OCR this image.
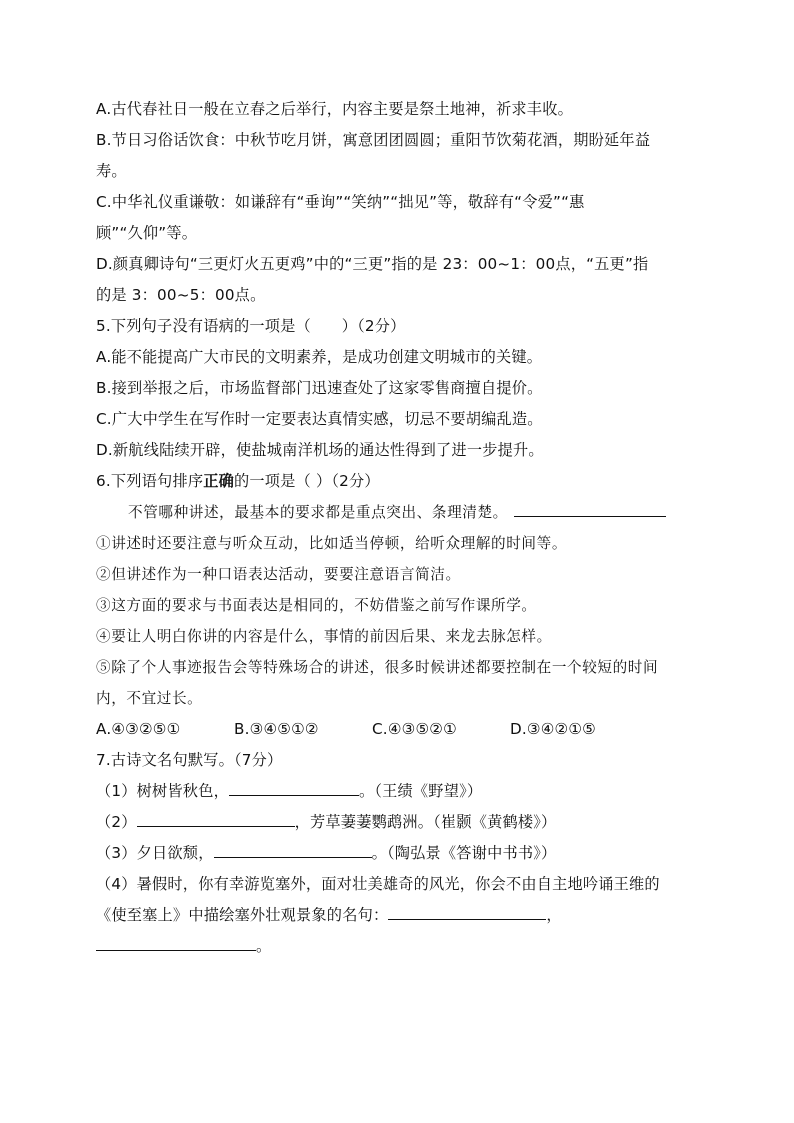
A.古代春社日一般在立春之后举行，内容主要是祭土地神，祈求丰收。
B.节日习俗话饮食：中秋节吃月饼，寓意团团圆圆；重阳节饮菊花酒，期盼延年益
寿。
C.中华礼仪重谦敬：如谦辞有“垂询”“笑纳”“拙见”等，敬辞有“令爱”“惠
顾”“久仰”等。
D.颜真卿诗句“三更灯火五更鸡”中的“三更”指的是 23：00~1：00点，“五更”指
的是 3：00~5：00点。
5.下列句子没有语病的一项是（　　）（2分）
A.能不能提高广大市民的文明素养，是成功创建文明城市的关键。
B.接到举报之后，市场监督部门迅速查处了这家零售商擅自提价。
C.广大中学生在写作时一定要表达真情实感，切忌不要胡编乱造。
D.新航线陆续开辟，使盐城南洋机场的通达性得到了进一步提升。
6.下列语句排序正确的一项是（ ）（2分）
不管哪种讲述，最基本的要求都是重点突出、条理清楚。
①讲述时还要注意与听众互动，比如适当停顿，给听众理解的时间等。
②但讲述作为一种口语表达活动，要要注意语言简洁。
③这方面的要求与书面表达是相同的，不妨借鉴之前写作课所学。
④要让人明白你讲的内容是什么，事情的前因后果、来龙去脉怎样。
⑤除了个人事迹报告会等特殊场合的讲述，很多时候讲述都要控制在一个较短的时间
内，不宜过长。
A.④③②⑤①	B.③④⑤①②	C.④③⑤②①	D.③④②①⑤
7.古诗文名句默写。（7分）
（1）树树皆秋色，	。（王绩《野望》）
（2）	，芳草萋萋鹦鹉洲。（崔颢《黄鹤楼》）
（3）夕日欲颓，	。（陶弘景《答谢中书书》）
（4）暑假时，你有幸游览塞外，面对壮美雄奇的风光，你会不由自主地吟诵王维的
《使至塞上》中描绘塞外壮观景象的名句：	，
。
